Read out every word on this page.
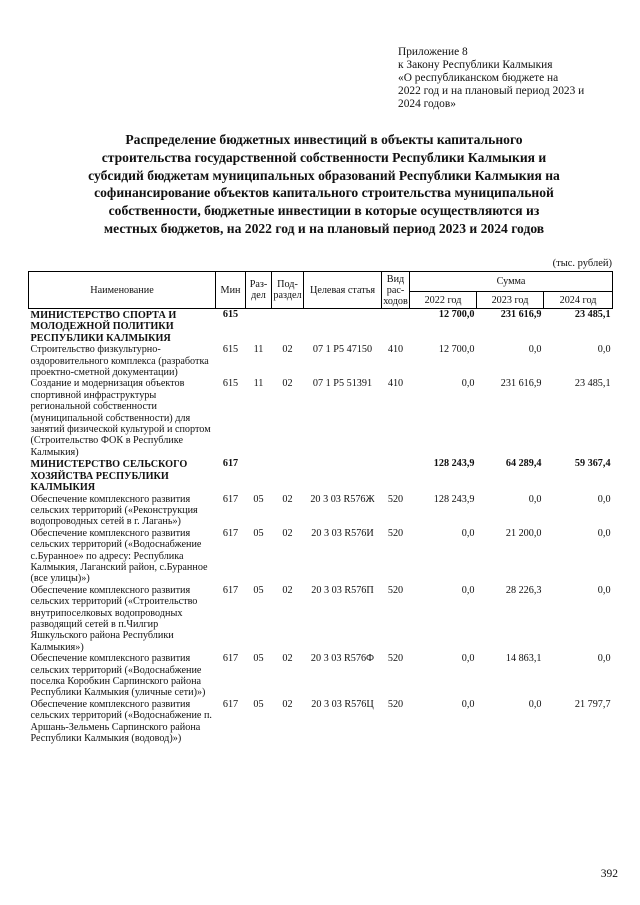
Приложение 8
к Закону Республики Калмыкия
«О республиканском бюджете на
2022 год и на плановый период 2023 и
2024 годов»
Распределение бюджетных инвестиций в объекты капитального
строительства государственной собственности Республики Калмыкия и
субсидий бюджетам муниципальных образований Республики Калмыкия на
софинансирование объектов капитального строительства муниципальной
собственности, бюджетные инвестиции в которые осуществляются из
местных бюджетов, на 2022 год и на плановый период 2023 и 2024 годов
(тыс. рублей)
Наименование	Мин	Раз-дел	Под-раздел	Целевая статья	Вид рас-ходов	Сумма		
						2022 год	2023 год	2024 год
МИНИСТЕРСТВО СПОРТА И МОЛОДЕЖНОЙ ПОЛИТИКИ РЕСПУБЛИКИ КАЛМЫКИЯ	615					12 700,0	231 616,9	23 485,1
Строительство физкультурно-оздоровительного комплекса (разработка проектно-сметной документации)	615	11	02	07 1 P5 47150	410	12 700,0	0,0	0,0
Создание и модернизация объектов спортивной инфраструктуры региональной собственности (муниципальной собственности) для занятий физической культурой и спортом (Строительство ФОК в Республике Калмыкия)	615	11	02	07 1 P5 51391	410	0,0	231 616,9	23 485,1
МИНИСТЕРСТВО СЕЛЬСКОГО ХОЗЯЙСТВА РЕСПУБЛИКИ КАЛМЫКИЯ	617					128 243,9	64 289,4	59 367,4
Обеспечение комплексного развития сельских территорий («Реконструкция водопроводных сетей в г. Лагань»)	617	05	02	20 3 03 R576Ж	520	128 243,9	0,0	0,0
Обеспечение комплексного развития сельских территорий («Водоснабжение с.Буранное» по адресу: Республика Калмыкия, Лаганский район, с.Буранное (все улицы)»)	617	05	02	20 3 03 R576И	520	0,0	21 200,0	0,0
Обеспечение комплексного развития сельских территорий («Строительство внутрипоселковых водопроводных разводящий сетей в п.Чилгир Яшкульского района Республики Калмыкия»)	617	05	02	20 3 03 R576П	520	0,0	28 226,3	0,0
Обеспечение комплексного развития сельских территорий («Водоснабжение поселка Коробкин Сарпинского района Республики Калмыкия (уличные сети)»)	617	05	02	20 3 03 R576Ф	520	0,0	14 863,1	0,0
Обеспечение комплексного развития сельских территорий («Водоснабжение п. Аршань-Зельмень Сарпинского района Республики Калмыкия (водовод)»)	617	05	02	20 3 03 R576Ц	520	0,0	0,0	21 797,7
392
